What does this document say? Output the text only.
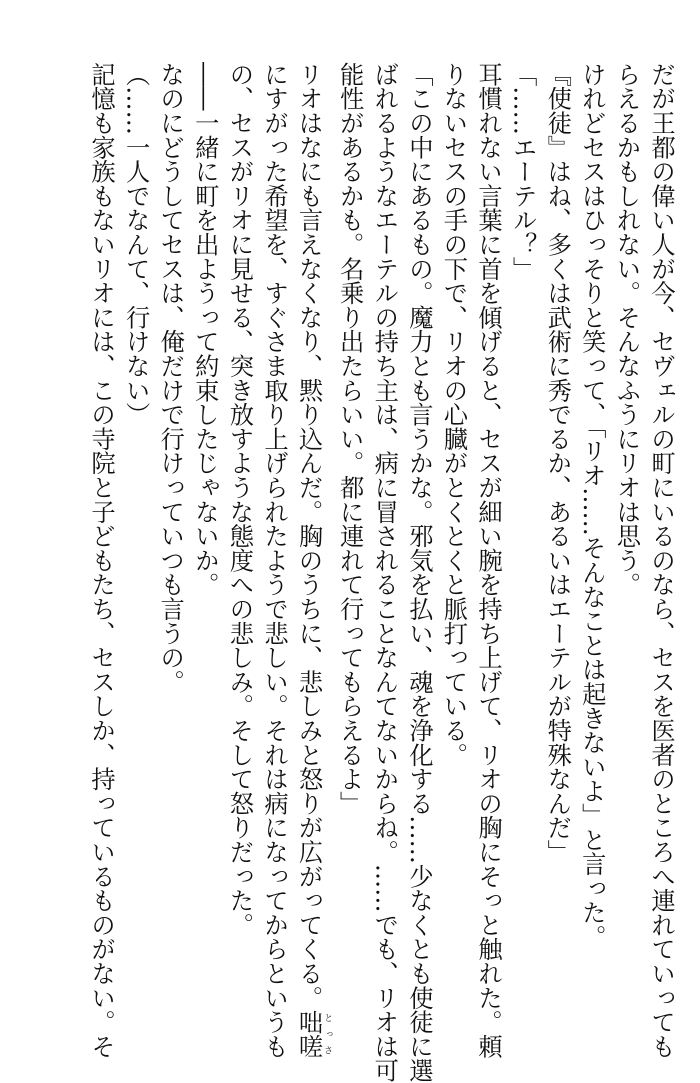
だが王都の偉い人が今、セヴェルの町にいるのなら、セスを医者のところへ連れていっても
らえるかもしれない。そんなふうにリオは思う。
けれどセスはひっそりと笑って、「リオ……そんなことは起きないよ」と言った。
『使徒』はね、多くは武術に秀でるか、あるいはエーテルが特殊なんだ」
「……エーテル？」
耳慣れない言葉に首を傾げると、セスが細い腕を持ち上げて、リオの胸にそっと触れた。頼
りないセスの手の下で、リオの心臓がとくとくと脈打っている。
「この中にあるもの。魔力とも言うかな。邪気を払い、魂を浄化する……少なくとも使徒に選
ばれるようなエーテルの持ち主は、病に冒されることなんてないからね。……でも、リオは可
能性があるかも。名乗り出たらいい。都に連れて行ってもらえるよ」
リオはなにも言えなくなり、黙り込んだ。胸のうちに、悲しみと怒りが広がってくる。咄嗟とっさ
にすがった希望を、すぐさま取り上げられたようで悲しい。それは病になってからというも
の、セスがリオに見せる、突き放すような態度への悲しみ。そして怒りだった。
――一緒に町を出ようって約束したじゃないか。
なのにどうしてセスは、俺だけで行けっていつも言うの。
（……一人でなんて、行けない）
記憶も家族もないリオには、この寺院と子どもたち、セスしか、持っているものがない。そ
